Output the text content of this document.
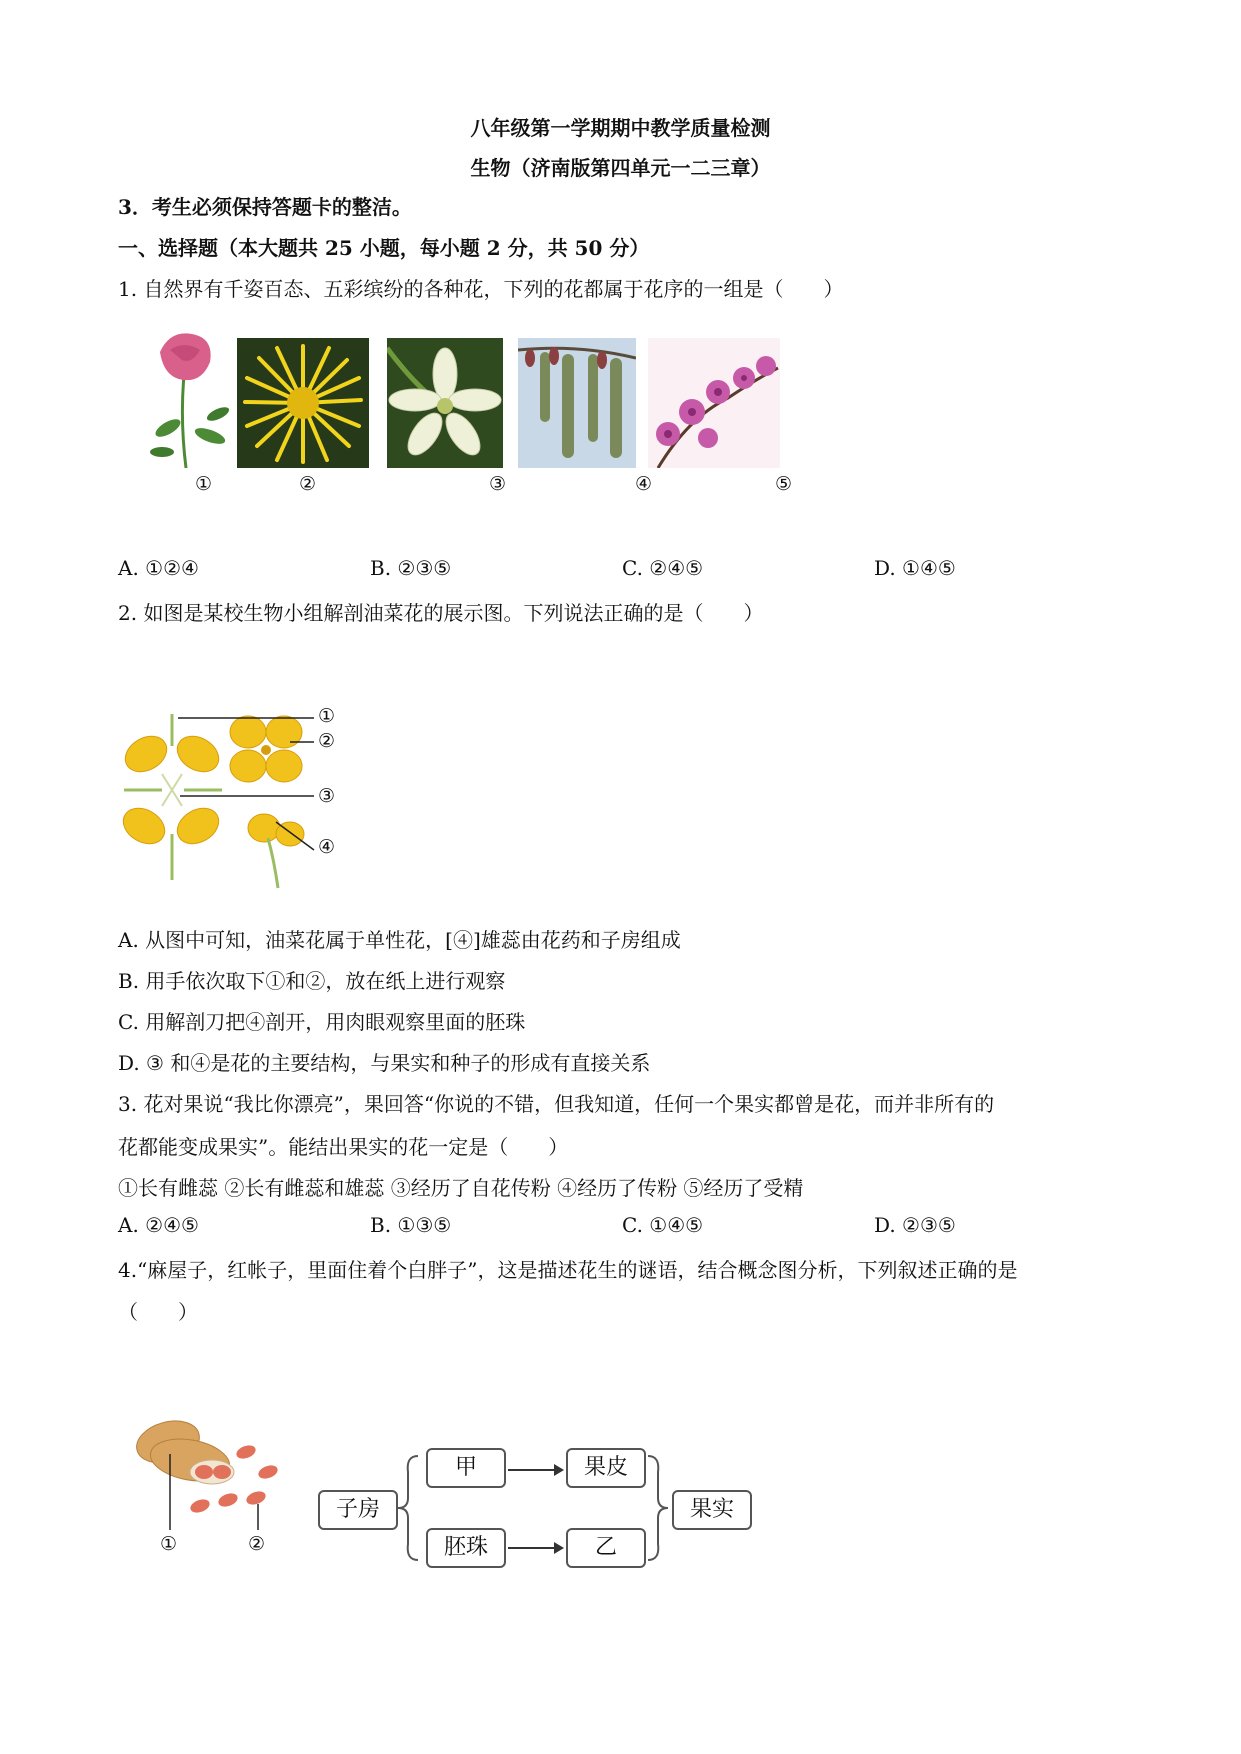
八年级第一学期期中教学质量检测
生物（济南版第四单元一二三章）
3．考生必须保持答题卡的整洁。
一、选择题（本大题共 25 小题，每小题 2 分，共 50 分）
1. 自然界有千姿百态、五彩缤纷的各种花，下列的花都属于花序的一组是（　　）
①	②	③	④	⑤
A. ①②④	B. ②③⑤	C. ②④⑤	D. ①④⑤
2. 如图是某校生物小组解剖油菜花的展示图。下列说法正确的是（　　）
①
②
③
④
A. 从图中可知，油菜花属于单性花，[④]雄蕊由花药和子房组成
B. 用手依次取下①和②，放在纸上进行观察
C. 用解剖刀把④剖开，用肉眼观察里面的胚珠
D. ③ 和④是花的主要结构，与果实和种子的形成有直接关系
3. 花对果说“我比你漂亮”，果回答“你说的不错，但我知道，任何一个果实都曾是花，而并非所有的
花都能变成果实”。能结出果实的花一定是（　　）
①长有雌蕊 ②长有雌蕊和雄蕊 ③经历了自花传粉 ④经历了传粉 ⑤经历了受精
A. ②④⑤	B. ①③⑤	C. ①④⑤	D. ②③⑤
4.“麻屋子，红帐子，里面住着个白胖子”，这是描述花生的谜语，结合概念图分析，下列叙述正确的是
（　　）
①	②
子房
甲
胚珠
果皮
乙
果实
